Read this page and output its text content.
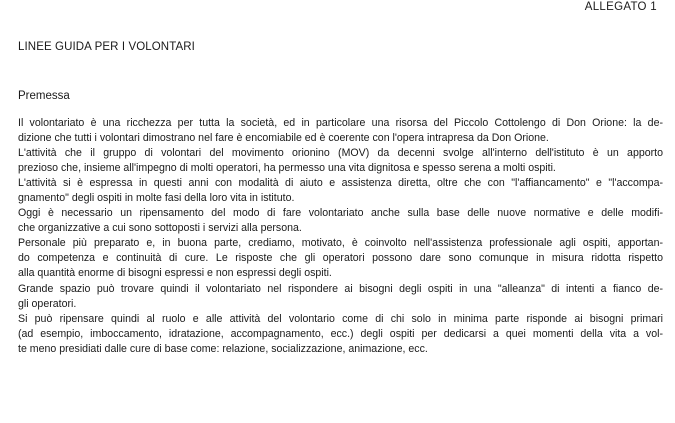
ALLEGATO 1
LINEE GUIDA PER I VOLONTARI
Premessa
Il volontariato è una ricchezza per tutta la società, ed in particolare una risorsa del Piccolo Cottolengo di Don Orione: la de-
dizione che tutti i volontari dimostrano nel fare è encomiabile ed è coerente con l'opera intrapresa da Don Orione.
L'attività che il gruppo di volontari del movimento orionino (MOV) da decenni svolge all'interno dell'istituto è un apporto
prezioso che, insieme all'impegno di molti operatori, ha permesso una vita dignitosa e spesso serena a molti ospiti.
L'attività si è espressa in questi anni con modalità di aiuto e assistenza diretta, oltre che con "l'affiancamento" e "l'accompa-
gnamento" degli ospiti in molte fasi della loro vita in istituto.
Oggi è necessario un ripensamento del modo di fare volontariato anche sulla base delle nuove normative e delle modifi-
che organizzative a cui sono sottoposti i servizi alla persona.
Personale più preparato e, in buona parte, crediamo, motivato, è coinvolto nell'assistenza professionale agli ospiti, apportan-
do competenza e continuità di cure. Le risposte che gli operatori possono dare sono comunque in misura ridotta rispetto
alla quantità enorme di bisogni espressi e non espressi degli ospiti.
Grande spazio può trovare quindi il volontariato nel rispondere ai bisogni degli ospiti in una "alleanza" di intenti a fianco de-
gli operatori.
Si può ripensare quindi al ruolo e alle attività del volontario come di chi solo in minima parte risponde ai bisogni primari
(ad esempio, imboccamento, idratazione, accompagnamento, ecc.) degli ospiti per dedicarsi a quei momenti della vita a vol-
te meno presidiati dalle cure di base come: relazione, socializzazione, animazione, ecc.
